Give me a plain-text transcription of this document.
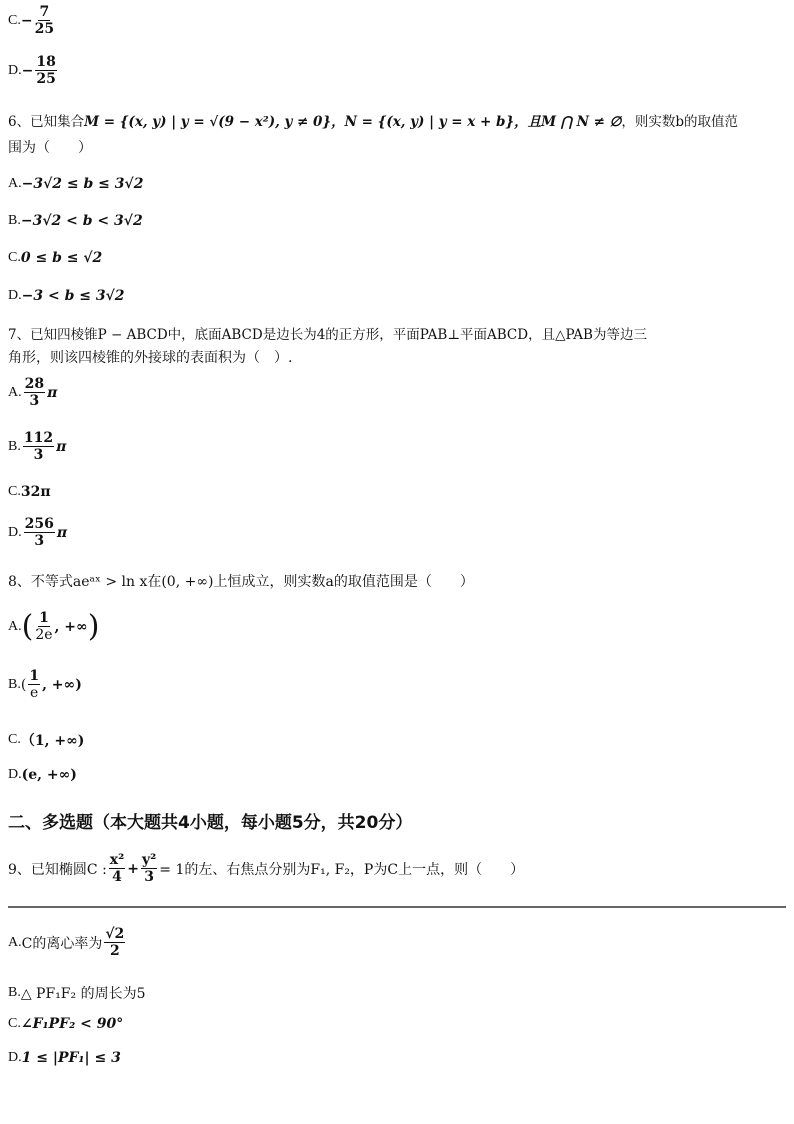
C. − $\frac{7}{25}$
D. − $\frac{18}{25}$
6、已知集合M = {(x, y) | y = √(9 − x²), y ≠ 0}，N = {(x, y) | y = x + b}，且M ⋂ N ≠ ∅，则实数b的取值范
围为（　　）
A. −3√2 ≤ b ≤ 3√2
B. −3√2 < b < 3√2
C. 0 ≤ b ≤ √2
D. −3 < b ≤ 3√2
7、已知四棱锥P − ABCD中，底面ABCD是边长为4的正方形，平面PAB⊥平面ABCD，且△PAB为等边三
角形，则该四棱锥的外接球的表面积为（　）.
A. $\frac{28}{3}$ π
B. $\frac{112}{3}$ π
C. 32π
D. $\frac{256}{3}$ π
8、不等式aeᵃˣ > ln x在(0, +∞)上恒成立，则实数a的取值范围是（　　）
A. ( $\frac{1}{2e}$ , +∞ )
B. ( $\frac{1}{e}$ , +∞)
C. （1, +∞)
D. (e, +∞)
二、多选题（本大题共4小题，每小题5分，共20分）
9、已知椭圆C : $\frac{\text{x²}}{4} + \frac{\text{y²}}{3} = 1$的左、右焦点分别为F₁, F₂，P为C上一点，则（　　）
A. C的离心率为 $\frac{√2}{2}$
B. △ PF₁F₂ 的周长为5
C. ∠F₁PF₂ < 90°
D. 1 ≤ |PF₁| ≤ 3
